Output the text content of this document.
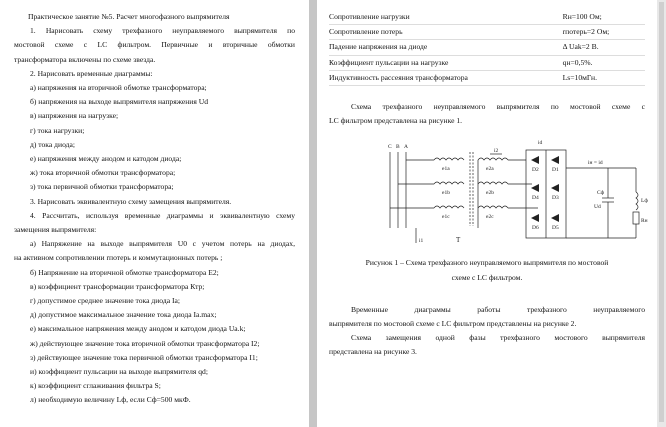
Практическое занятие №5. Расчет многофазного выпрямителя
1. Нарисовать схему трехфазного неуправляемого выпрямителя по
мостовой схеме с LC фильтром. Первичные и вторичные обмотки
трансформатора включены по схеме звезда.
2. Нарисовать временные диаграммы:
а) напряжения на вторичной обмотке трансформатора;
б) напряжения на выходе выпрямителя напряжения Ud
в) напряжения на нагрузке;
г) тока нагрузки;
д) тока диода;
е) напряжения между анодом и катодом диода;
ж) тока вторичной обмотки трансформатора;
з) тока первичной обмотки трансформатора;
3. Нарисовать эквивалентную схему замещения выпрямителя.
4. Рассчитать, используя временные диаграммы и эквивалентную схему
замещения выпрямителя:
а) Напряжение на выходе выпрямителя U0 с учетом потерь на диодах,
на активном сопротивлении rпотерь и коммутационных потерь ;
б) Напряжение на вторичной обмотке трансформатора E2;
в) коэффициент трансформации трансформатора Ктр;
г) допустимое среднее значение тока диода Ia;
д) допустимое максимальное значение тока диода Ia.max;
е) максимальное напряжения между анодом и катодом диода Ua.k;
ж) действующее значение тока вторичной обмотки трансформатора I2;
з) действующее значение тока первичной обмотки трансформатора I1;
и) коэффициент пульсации на выходе выпрямителя qd;
к) коэффициент сглаживания фильтра S;
л) необходимую величину Lф, если Cф=500 мкФ.
Сопротивление нагрузки	Rн=100 Ом;
Сопротивление потерь	rпотерь=2 Ом;
Падение напряжения на диоде	Δ Uak=2 В.
Коэффициент пульсации на нагрузке	qн=0,5%.
Индуктивность рассеяния трансформатора	Ls=10мГн.
Схема трехфазного неуправляемого выпрямителя по мостовой схеме с
LC фильтром представлена на рисунке 1.
Рисунок 1 – Схема трехфазного неуправляемого выпрямителя по мостовой
схеме с LC фильтром.
Временные диаграммы работы трехфазного неуправляемого
выпрямителя по мостовой схеме с LC фильтром представлены на рисунке 2.
Схема замещения одной фазы трехфазного мостового выпрямителя
представлена на рисунке 3.
C B A
i1
e1a
e1b
e1c
T
e2a
e2b
e2c
i2
D2 D1
D4 D3
D6 D5
id
iн = id
Ud
Cф
Lф
Rн
